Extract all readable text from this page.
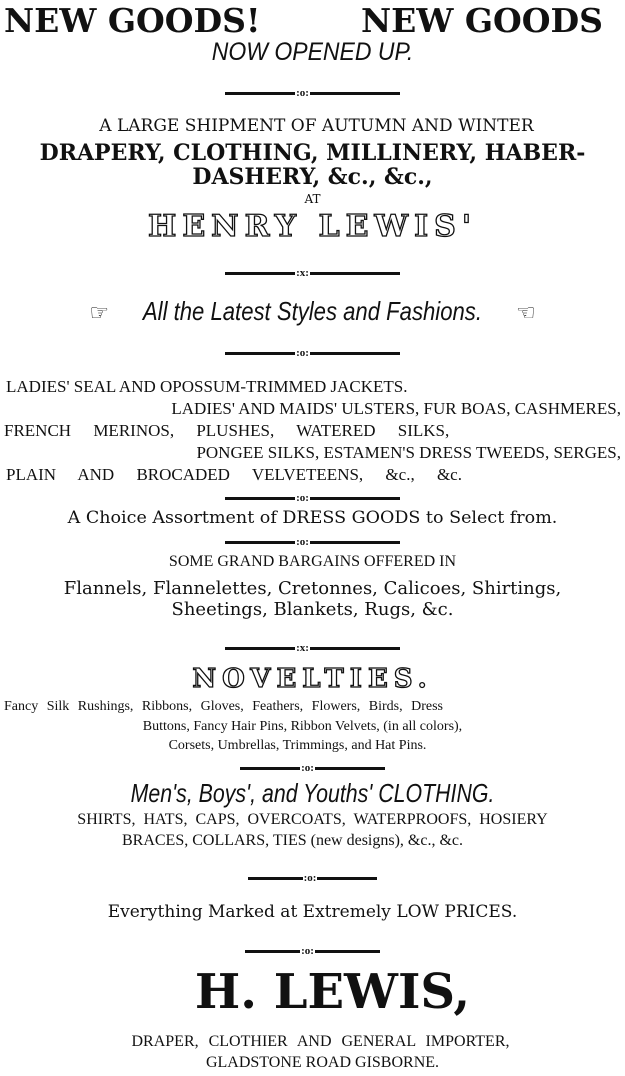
NEW GOODS!	NEW GOODS
NOW OPENED UP.
:o:
A LARGE SHIPMENT OF AUTUMN AND WINTER
DRAPERY, CLOTHING, MILLINERY, HABER-
DASHERY, &c., &c.,
AT
HENRY LEWIS'
:x:
☞ All the Latest Styles and Fashions. ☜
:o:
LADIES' SEAL AND OPOSSUM-TRIMMED JACKETS.
LADIES' AND MAIDS' ULSTERS, FUR BOAS, CASHMERES,
FRENCH MERINOS, PLUSHES, WATERED SILKS,
PONGEE SILKS, ESTAMEN'S DRESS TWEEDS, SERGES,
PLAIN AND BROCADED VELVETEENS, &c., &c.
:o:
A Choice Assortment of DRESS GOODS to Select from.
:o:
SOME GRAND BARGAINS OFFERED IN
Flannels, Flannelettes, Cretonnes, Calicoes, Shirtings,
Sheetings, Blankets, Rugs, &c.
:x:
NOVELTIES.
Fancy Silk Rushings, Ribbons, Gloves, Feathers, Flowers, Birds, Dress
Buttons, Fancy Hair Pins, Ribbon Velvets, (in all colors),
Corsets, Umbrellas, Trimmings, and Hat Pins.
:o:
Men's, Boys', and Youths' CLOTHING.
SHIRTS, HATS, CAPS, OVERCOATS, WATERPROOFS, HOSIERY
BRACES, COLLARS, TIES (new designs), &c., &c.
:o:
Everything Marked at Extremely LOW PRICES.
:o:
H. LEWIS,
DRAPER, CLOTHIER AND GENERAL IMPORTER,
GLADSTONE ROAD GISBORNE.
